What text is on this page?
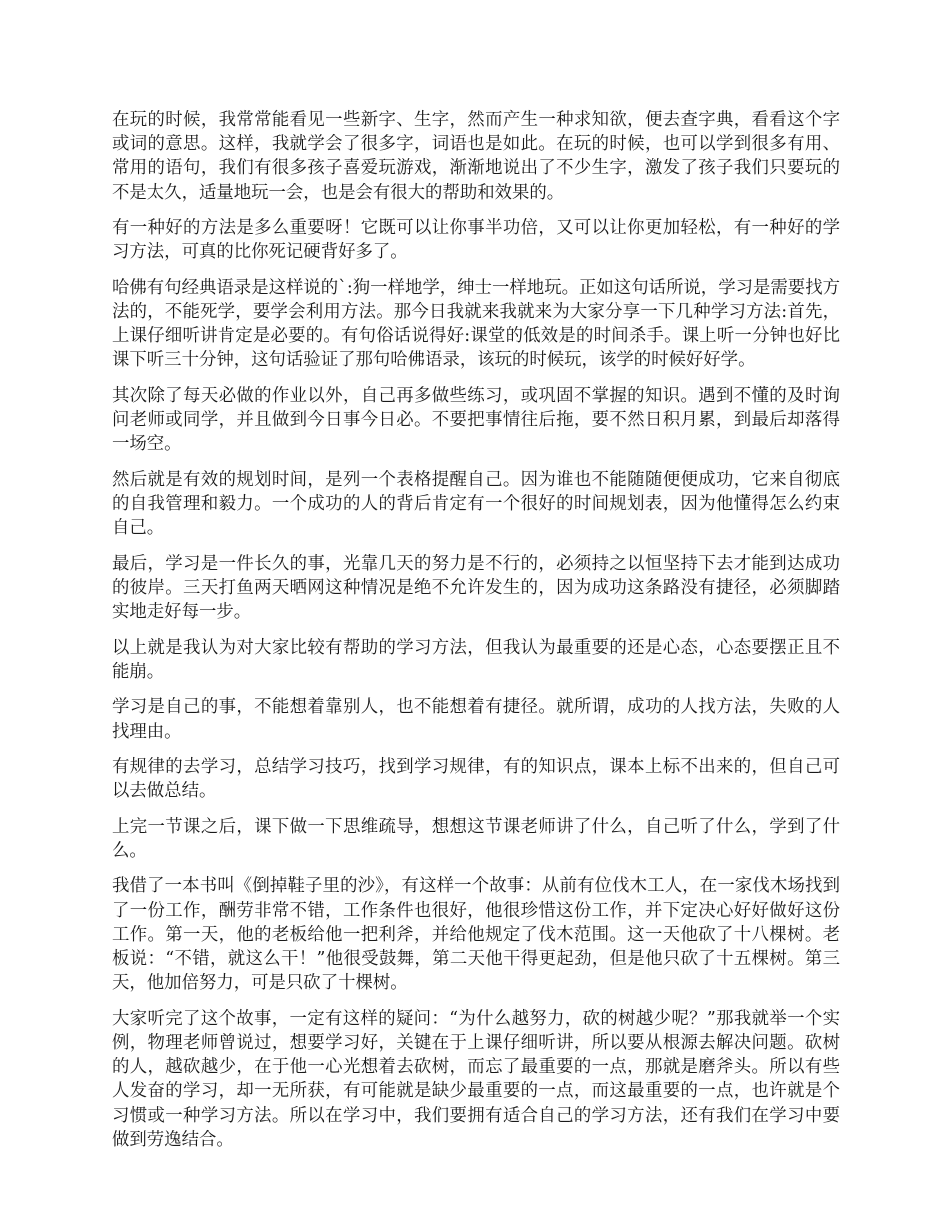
在玩的时候，我常常能看见一些新字、生字，然而产生一种求知欲，便去查字典，看看这个字或词的意思。这样，我就学会了很多字，词语也是如此。在玩的时候，也可以学到很多有用、常用的语句，我们有很多孩子喜爱玩游戏，渐渐地说出了不少生字，激发了孩子我们只要玩的不是太久，适量地玩一会，也是会有很大的帮助和效果的。

有一种好的方法是多么重要呀！它既可以让你事半功倍，又可以让你更加轻松，有一种好的学习方法，可真的比你死记硬背好多了。

哈佛有句经典语录是这样说的`:狗一样地学，绅士一样地玩。正如这句话所说，学习是需要找方法的，不能死学，要学会利用方法。那今日我就来我就来为大家分享一下几种学习方法:首先，上课仔细听讲肯定是必要的。有句俗话说得好:课堂的低效是的时间杀手。课上听一分钟也好比课下听三十分钟，这句话验证了那句哈佛语录，该玩的时候玩，该学的时候好好学。

其次除了每天必做的作业以外，自己再多做些练习，或巩固不掌握的知识。遇到不懂的及时询问老师或同学，并且做到今日事今日必。不要把事情往后拖，要不然日积月累，到最后却落得一场空。

然后就是有效的规划时间，是列一个表格提醒自己。因为谁也不能随随便便成功，它来自彻底的自我管理和毅力。一个成功的人的背后肯定有一个很好的时间规划表，因为他懂得怎么约束自己。

最后，学习是一件长久的事，光靠几天的努力是不行的，必须持之以恒坚持下去才能到达成功的彼岸。三天打鱼两天晒网这种情况是绝不允许发生的，因为成功这条路没有捷径，必须脚踏实地走好每一步。

以上就是我认为对大家比较有帮助的学习方法，但我认为最重要的还是心态，心态要摆正且不能崩。

学习是自己的事，不能想着靠别人，也不能想着有捷径。就所谓，成功的人找方法，失败的人找理由。

有规律的去学习，总结学习技巧，找到学习规律，有的知识点，课本上标不出来的，但自己可以去做总结。

上完一节课之后，课下做一下思维疏导，想想这节课老师讲了什么，自己听了什么，学到了什么。

我借了一本书叫《倒掉鞋子里的沙》，有这样一个故事：从前有位伐木工人，在一家伐木场找到了一份工作，酬劳非常不错，工作条件也很好，他很珍惜这份工作，并下定决心好好做好这份工作。第一天，他的老板给他一把利斧，并给他规定了伐木范围。这一天他砍了十八棵树。老板说：“不错，就这么干！”他很受鼓舞，第二天他干得更起劲，但是他只砍了十五棵树。第三天，他加倍努力，可是只砍了十棵树。

大家听完了这个故事，一定有这样的疑问：“为什么越努力，砍的树越少呢？”那我就举一个实例，物理老师曾说过，想要学习好，关键在于上课仔细听讲，所以要从根源去解决问题。砍树的人，越砍越少，在于他一心光想着去砍树，而忘了最重要的一点，那就是磨斧头。所以有些人发奋的学习，却一无所获，有可能就是缺少最重要的一点，而这最重要的一点，也许就是个习惯或一种学习方法。所以在学习中，我们要拥有适合自己的学习方法，还有我们在学习中要做到劳逸结合。
